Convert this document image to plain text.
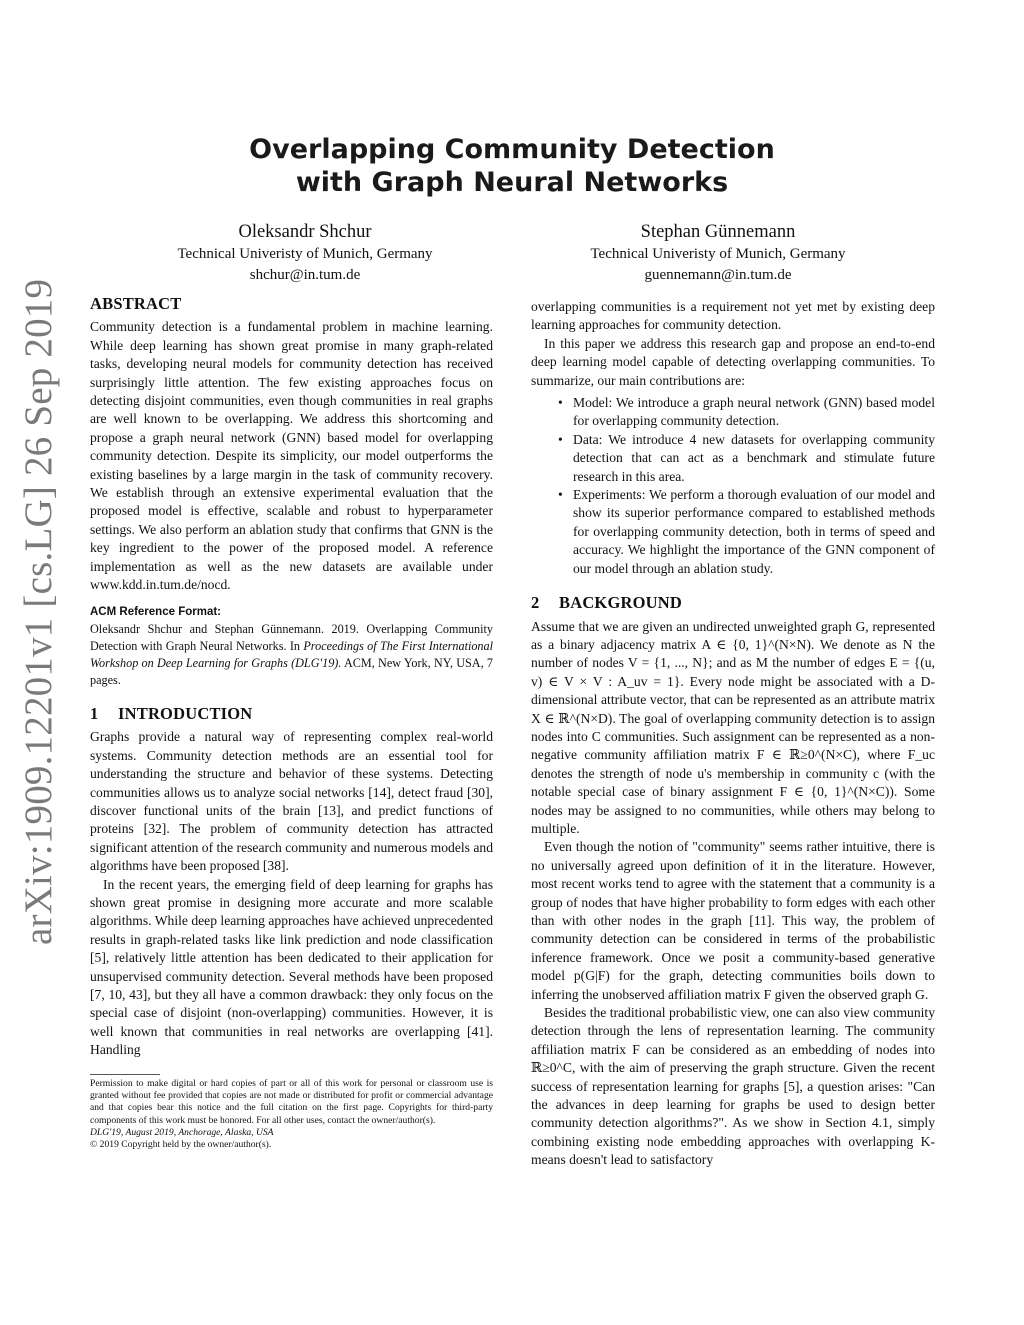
arXiv:1909.12201v1 [cs.LG] 26 Sep 2019
Overlapping Community Detection
with Graph Neural Networks
Oleksandr Shchur
Technical Univeristy of Munich, Germany
shchur@in.tum.de
Stephan Günnemann
Technical Univeristy of Munich, Germany
guennemann@in.tum.de
ABSTRACT

Community detection is a fundamental problem in machine learning. While deep learning has shown great promise in many graph-related tasks, developing neural models for community detection has received surprisingly little attention. The few existing approaches focus on detecting disjoint communities, even though communities in real graphs are well known to be overlapping. We address this shortcoming and propose a graph neural network (GNN) based model for overlapping community detection. Despite its simplicity, our model outperforms the existing baselines by a large margin in the task of community recovery. We establish through an extensive experimental evaluation that the proposed model is effective, scalable and robust to hyperparameter settings. We also perform an ablation study that confirms that GNN is the key ingredient to the power of the proposed model. A reference implementation as well as the new datasets are available under www.kdd.in.tum.de/nocd.

ACM Reference Format:
Oleksandr Shchur and Stephan Günnemann. 2019. Overlapping Community Detection with Graph Neural Networks. In Proceedings of The First International Workshop on Deep Learning for Graphs (DLG'19). ACM, New York, NY, USA, 7 pages.
1 INTRODUCTION

Graphs provide a natural way of representing complex real-world systems. Community detection methods are an essential tool for understanding the structure and behavior of these systems. Detecting communities allows us to analyze social networks [14], detect fraud [30], discover functional units of the brain [13], and predict functions of proteins [32]. The problem of community detection has attracted significant attention of the research community and numerous models and algorithms have been proposed [38].

In the recent years, the emerging field of deep learning for graphs has shown great promise in designing more accurate and more scalable algorithms. While deep learning approaches have achieved unprecedented results in graph-related tasks like link prediction and node classification [5], relatively little attention has been dedicated to their application for unsupervised community detection. Several methods have been proposed [7, 10, 43], but they all have a common drawback: they only focus on the special case of disjoint (non-overlapping) communities. However, it is well known that communities in real networks are overlapping [41]. Handling

Permission to make digital or hard copies of part or all of this work for personal or classroom use is granted without fee provided that copies are not made or distributed for profit or commercial advantage and that copies bear this notice and the full citation on the first page. Copyrights for third-party components of this work must be honored. For all other uses, contact the owner/author(s).

DLG'19, August 2019, Anchorage, Alaska, USA

© 2019 Copyright held by the owner/author(s).

overlapping communities is a requirement not yet met by existing deep learning approaches for community detection.

In this paper we address this research gap and propose an end-to-end deep learning model capable of detecting overlapping communities. To summarize, our main contributions are:

• Model: We introduce a graph neural network (GNN) based model for overlapping community detection.
• Data: We introduce 4 new datasets for overlapping community detection that can act as a benchmark and stimulate future research in this area.
• Experiments: We perform a thorough evaluation of our model and show its superior performance compared to established methods for overlapping community detection, both in terms of speed and accuracy. We highlight the importance of the GNN component of our model through an ablation study.
2 BACKGROUND

Assume that we are given an undirected unweighted graph G, represented as a binary adjacency matrix A ∈ {0, 1}^(N×N). We denote as N the number of nodes V = {1, ..., N}; and as M the number of edges E = {(u, v) ∈ V × V : A_uv = 1}. Every node might be associated with a D-dimensional attribute vector, that can be represented as an attribute matrix X ∈ ℝ^(N×D). The goal of overlapping community detection is to assign nodes into C communities. Such assignment can be represented as a non-negative community affiliation matrix F ∈ ℝ≥0^(N×C), where F_uc denotes the strength of node u's membership in community c (with the notable special case of binary assignment F ∈ {0, 1}^(N×C)). Some nodes may be assigned to no communities, while others may belong to multiple.

Even though the notion of "community" seems rather intuitive, there is no universally agreed upon definition of it in the literature. However, most recent works tend to agree with the statement that a community is a group of nodes that have higher probability to form edges with each other than with other nodes in the graph [11]. This way, the problem of community detection can be considered in terms of the probabilistic inference framework. Once we posit a community-based generative model p(G|F) for the graph, detecting communities boils down to inferring the unobserved affiliation matrix F given the observed graph G.

Besides the traditional probabilistic view, one can also view community detection through the lens of representation learning. The community affiliation matrix F can be considered as an embedding of nodes into ℝ≥0^C, with the aim of preserving the graph structure. Given the recent success of representation learning for graphs [5], a question arises: "Can the advances in deep learning for graphs be used to design better community detection algorithms?". As we show in Section 4.1, simply combining existing node embedding approaches with overlapping K-means doesn't lead to satisfactory
